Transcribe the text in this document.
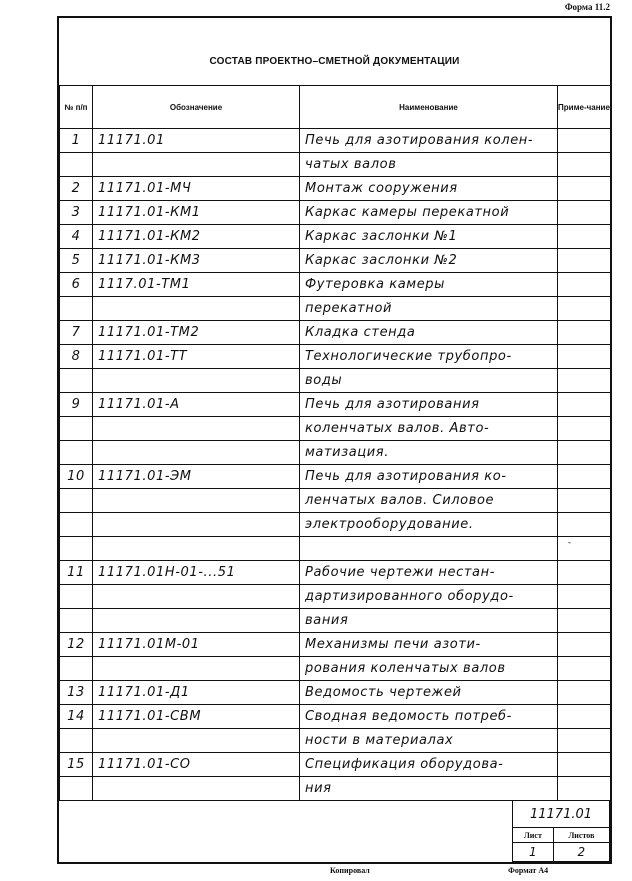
Форма 11.2
СОСТАВ ПРОЕКТНО–СМЕТНОЙ ДОКУМЕНТАЦИИ
№ п/п	Обозначение	Наименование	Приме-чание
1	11171.01	Печь для азотирования колен-	
		чатых валов	
2	11171.01-МЧ	Монтаж сооружения	
3	11171.01-КМ1	Каркас камеры перекатной	
4	11171.01-КМ2	Каркас заслонки №1	
5	11171.01-КМ3	Каркас заслонки №2	
6	1117.01-ТМ1	Футеровка камеры	
		перекатной	
7	11171.01-ТМ2	Кладка стенда	
8	11171.01-ТТ	Технологические трубопро-	
		воды	
9	11171.01-А	Печь для азотирования	
		коленчатых валов. Авто-	
		матизация.	
10	11171.01-ЭМ	Печь для азотирования ко-	
		ленчатых валов. Силовое	
		электрооборудование.	

11	11171.01Н-01-...51	Рабочие чертежи нестан-	
		дартизированного оборудо-	
		вания	
12	11171.01М-01	Механизмы печи азоти-	
		рования коленчатых валов	
13	11171.01-Д1	Ведомость чертежей	
14	11171.01-СВМ	Сводная ведомость потреб-	
		ности в материалах	
15	11171.01-СО	Спецификация оборудова-	
		ния	
11171.01	
Лист	Листов
1	2
-
Копировал	Формат А4
